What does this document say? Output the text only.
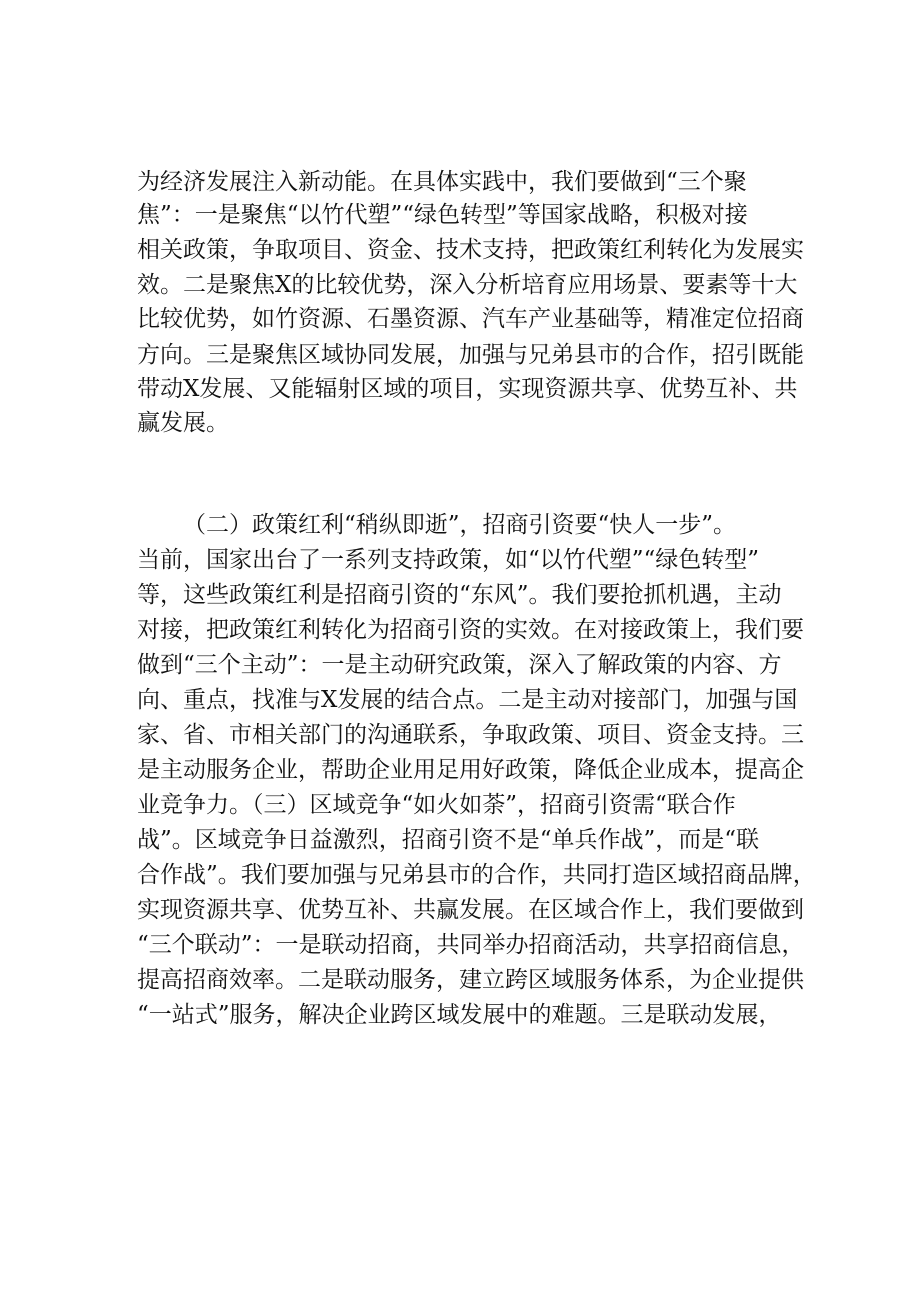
为经济发展注入新动能。在具体实践中，我们要做到“三个聚
焦”：一是聚焦“以竹代塑”“绿色转型”等国家战略，积极对接
相关政策，争取项目、资金、技术支持，把政策红利转化为发展实
效。二是聚焦X的比较优势，深入分析培育应用场景、要素等十大
比较优势，如竹资源、石墨资源、汽车产业基础等，精准定位招商
方向。三是聚焦区域协同发展，加强与兄弟县市的合作，招引既能
带动X发展、又能辐射区域的项目，实现资源共享、优势互补、共
赢发展。
（二）政策红利“稍纵即逝”，招商引资要“快人一步”。
当前，国家出台了一系列支持政策，如“以竹代塑”“绿色转型”
等，这些政策红利是招商引资的“东风”。我们要抢抓机遇，主动
对接，把政策红利转化为招商引资的实效。在对接政策上，我们要
做到“三个主动”：一是主动研究政策，深入了解政策的内容、方
向、重点，找准与X发展的结合点。二是主动对接部门，加强与国
家、省、市相关部门的沟通联系，争取政策、项目、资金支持。三
是主动服务企业，帮助企业用足用好政策，降低企业成本，提高企
业竞争力。（三）区域竞争“如火如荼”，招商引资需“联合作
战”。区域竞争日益激烈，招商引资不是“单兵作战”，而是“联
合作战”。我们要加强与兄弟县市的合作，共同打造区域招商品牌，
实现资源共享、优势互补、共赢发展。在区域合作上，我们要做到
“三个联动”：一是联动招商，共同举办招商活动，共享招商信息，
提高招商效率。二是联动服务，建立跨区域服务体系，为企业提供
“一站式”服务，解决企业跨区域发展中的难题。三是联动发展，
